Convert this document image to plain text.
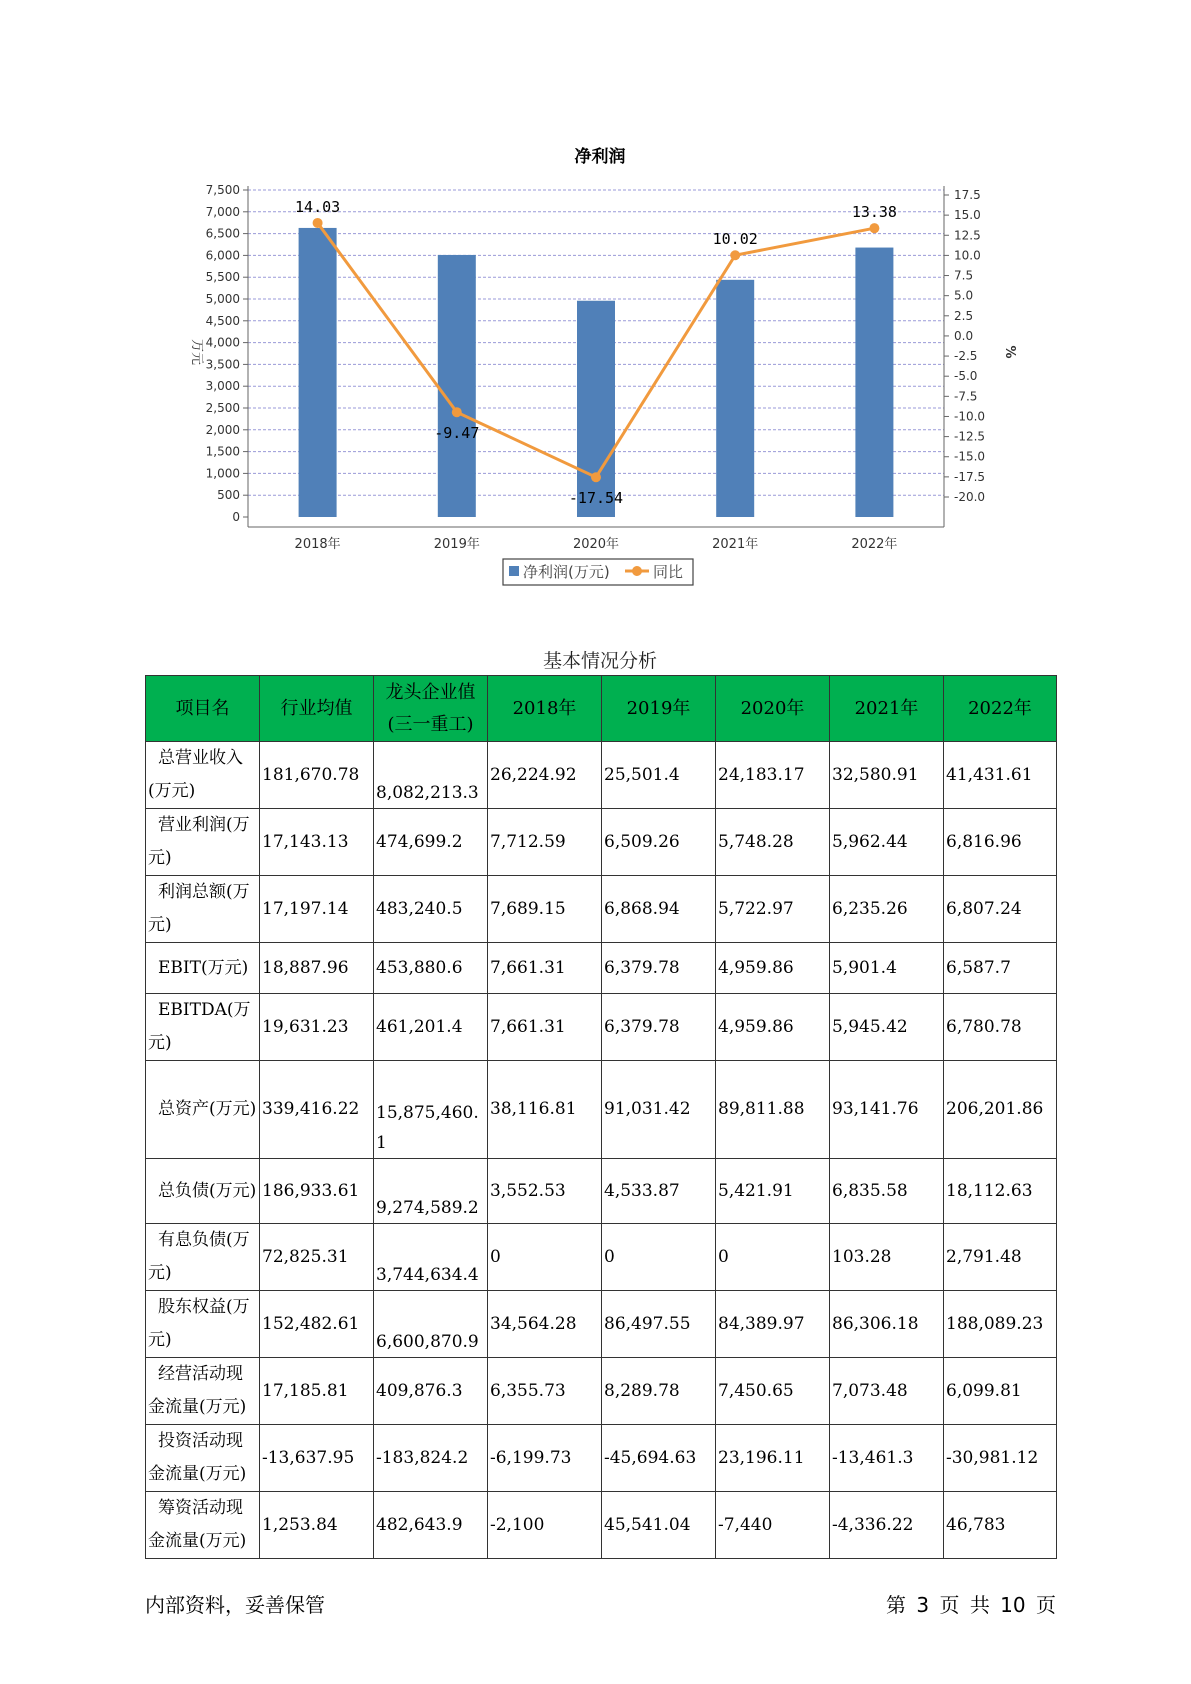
净利润
0
500
1,000
1,500
2,000
2,500
3,000
3,500
4,000
4,500
5,000
5,500
6,000
6,500
7,000
7,500
-20.0
-17.5
-15.0
-12.5
-10.0
-7.5
-5.0
-2.5
0.0
2.5
5.0
7.5
10.0
12.5
15.0
17.5
万元	%
2018年	2019年	2020年	2021年	2022年
14.03
-9.47
-17.54
10.02
13.38
净利润(万元)	同比
基本情况分析
项目名	行业均值	龙头企业值(三一重工)	2018年	2019年	2020年	2021年	2022年
总营业收入(万元)	181,670.78	8,082,213.3	26,224.92	25,501.4	24,183.17	32,580.91	41,431.61
营业利润(万元)	17,143.13	474,699.2	7,712.59	6,509.26	5,748.28	5,962.44	6,816.96
利润总额(万元)	17,197.14	483,240.5	7,689.15	6,868.94	5,722.97	6,235.26	6,807.24
EBIT(万元)	18,887.96	453,880.6	7,661.31	6,379.78	4,959.86	5,901.4	6,587.7
EBITDA(万元)	19,631.23	461,201.4	7,661.31	6,379.78	4,959.86	5,945.42	6,780.78
总资产(万元)	339,416.22	15,875,460.1	38,116.81	91,031.42	89,811.88	93,141.76	206,201.86
总负债(万元)	186,933.61	9,274,589.2	3,552.53	4,533.87	5,421.91	6,835.58	18,112.63
有息负债(万元)	72,825.31	3,744,634.4	0	0	0	103.28	2,791.48
股东权益(万元)	152,482.61	6,600,870.9	34,564.28	86,497.55	84,389.97	86,306.18	188,089.23
经营活动现金流量(万元)	17,185.81	409,876.3	6,355.73	8,289.78	7,450.65	7,073.48	6,099.81
投资活动现金流量(万元)	-13,637.95	-183,824.2	-6,199.73	-45,694.63	23,196.11	-13,461.3	-30,981.12
筹资活动现金流量(万元)	1,253.84	482,643.9	-2,100	45,541.04	-7,440	-4,336.22	46,783
内部资料，妥善保管	第 3 页 共 10 页
